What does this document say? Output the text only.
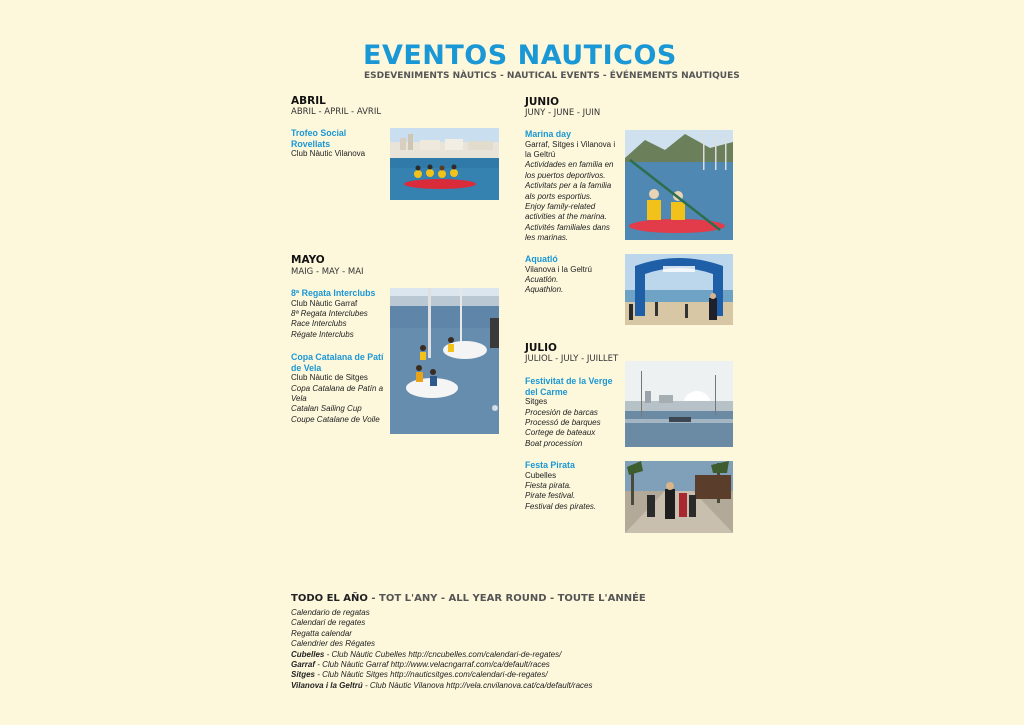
EVENTOS NAUTICOS
ESDEVENIMENTS NÀUTICS - NAUTICAL EVENTS - ÉVÉNEMENTS NAUTIQUES
ABRIL
ABRIL - APRIL - AVRIL
Trofeo Social Rovellats
Club Nàutic Vilanova
MAYO
MAIG - MAY - MAI
8ª Regata Interclubs
Club Nàutic Garraf
8ª Regata Interclubes
Race Interclubs
Régate Interclubs
Copa Catalana de Patí de Vela
Club Nàutic de Sitges
Copa Catalana de Patín a Vela
Catalan Sailing Cup
Coupe Catalane de Voile
JUNIO
JUNY - JUNE - JUIN
Marina day
Garraf, Sitges i Vilanova i la Geltrú
Actividades en familia en los puertos deportivos.
Activitats per a la familia als ports esportius.
Enjoy family-related activities at the marina.
Activités familiales dans les marinas.
Aquatló
Vilanova i la Geltrú
Acuatlón.
Aquathlon.
JULIO
JULIOL - JULY - JUILLET
Festivitat de la Verge del Carme
Sitges
Procesión de barcas
Processó de barques
Cortege de bateaux
Boat procession
Festa Pirata
Cubelles
Fiesta pirata.
Pirate festival.
Festival des pirates.
TODO EL AÑO - TOT L'ANY - ALL YEAR ROUND - TOUTE L'ANNÉE
Calendario de regatas
Calendari de regates
Regatta calendar
Calendrier des Régates
Cubelles - Club Nàutic Cubelles http://cncubelles.com/calendari-de-regates/
Garraf - Club Nàutic Garraf http://www.velacngarraf.com/ca/default/races
Sitges - Club Nàutic Sitges http://nauticsitges.com/calendari-de-regates/
Vilanova i la Geltrú - Club Nàutic Vilanova http://vela.cnvilanova.cat/ca/default/races
